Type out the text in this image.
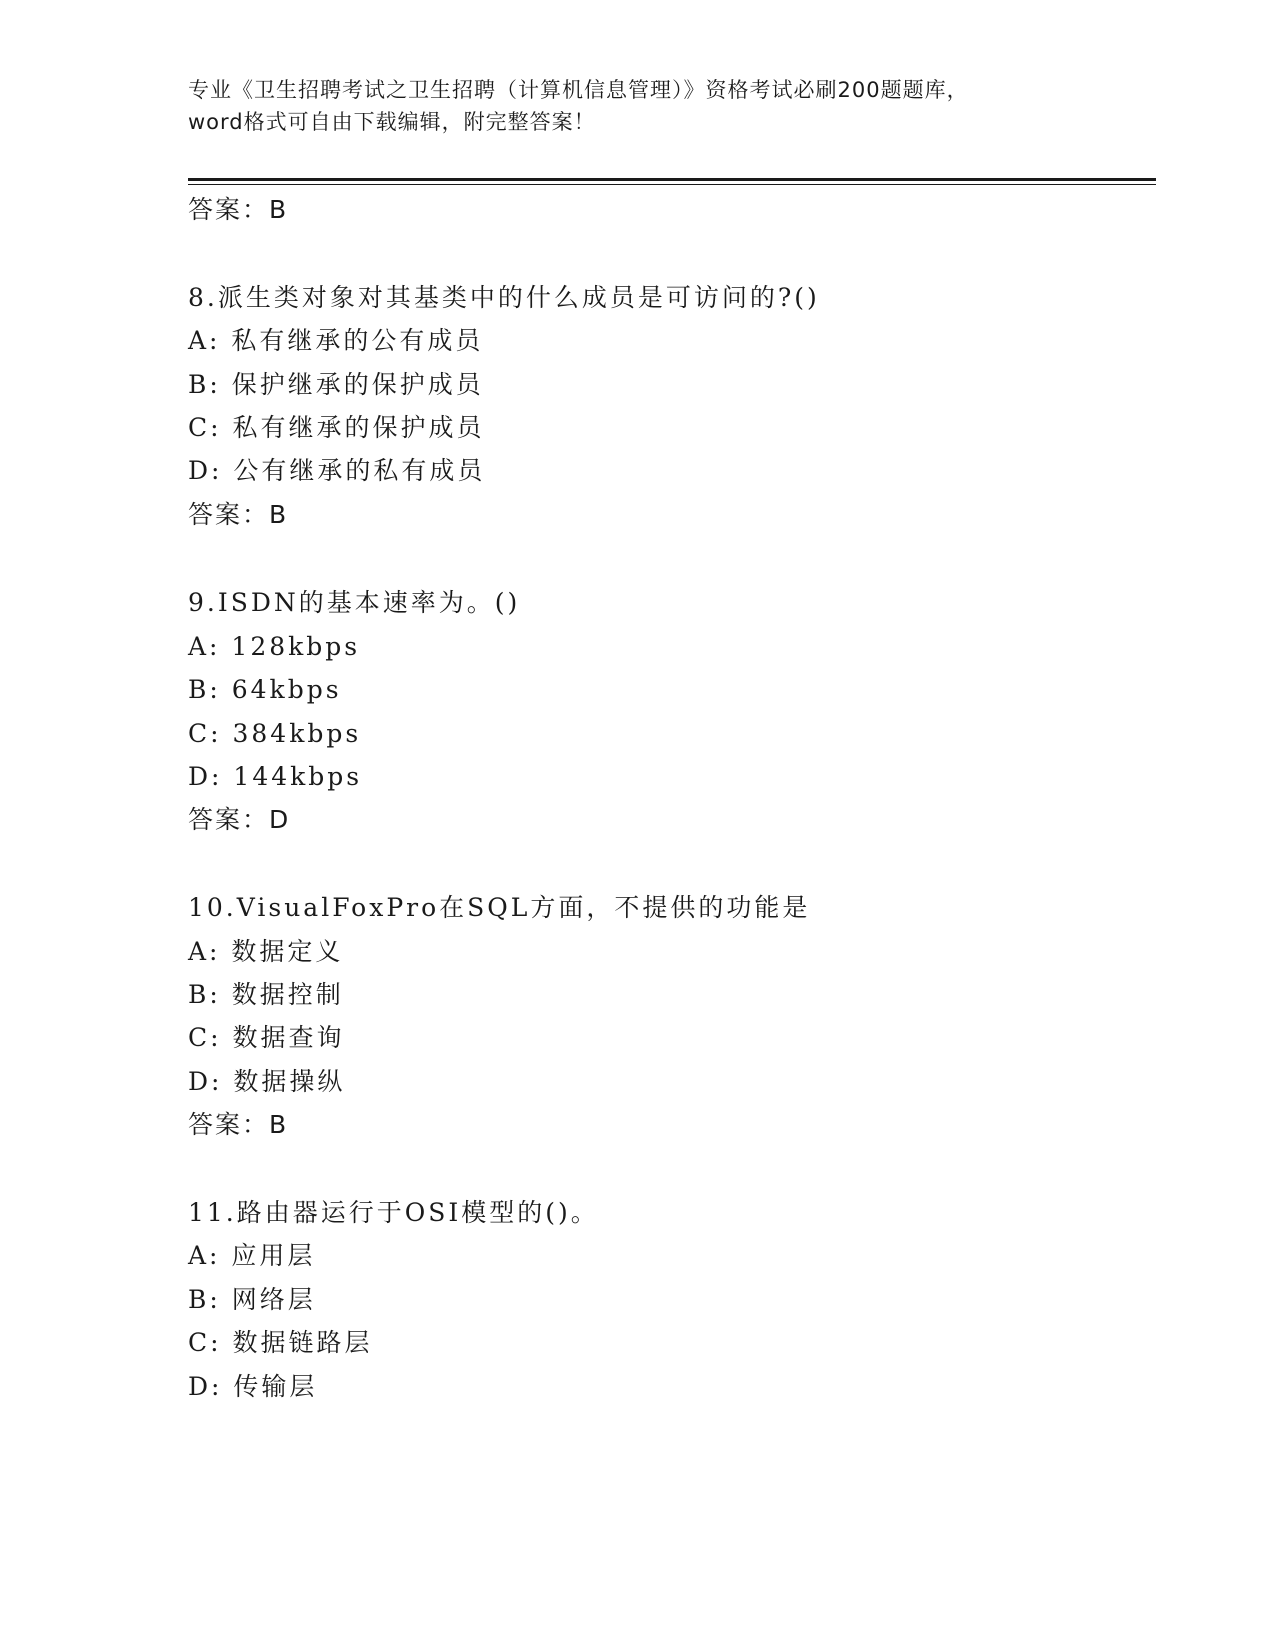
专业《卫生招聘考试之卫生招聘（计算机信息管理）》资格考试必刷200题题库，
word格式可自由下载编辑，附完整答案！
答案：B
8.派生类对象对其基类中的什么成员是可访问的?()
A: 私有继承的公有成员
B: 保护继承的保护成员
C: 私有继承的保护成员
D: 公有继承的私有成员
答案：B
9.ISDN的基本速率为。()
A: 128kbps
B: 64kbps
C: 384kbps
D: 144kbps
答案：D
10.VisualFoxPro在SQL方面，不提供的功能是
A: 数据定义
B: 数据控制
C: 数据查询
D: 数据操纵
答案：B
11.路由器运行于OSI模型的()。
A: 应用层
B: 网络层
C: 数据链路层
D: 传输层
